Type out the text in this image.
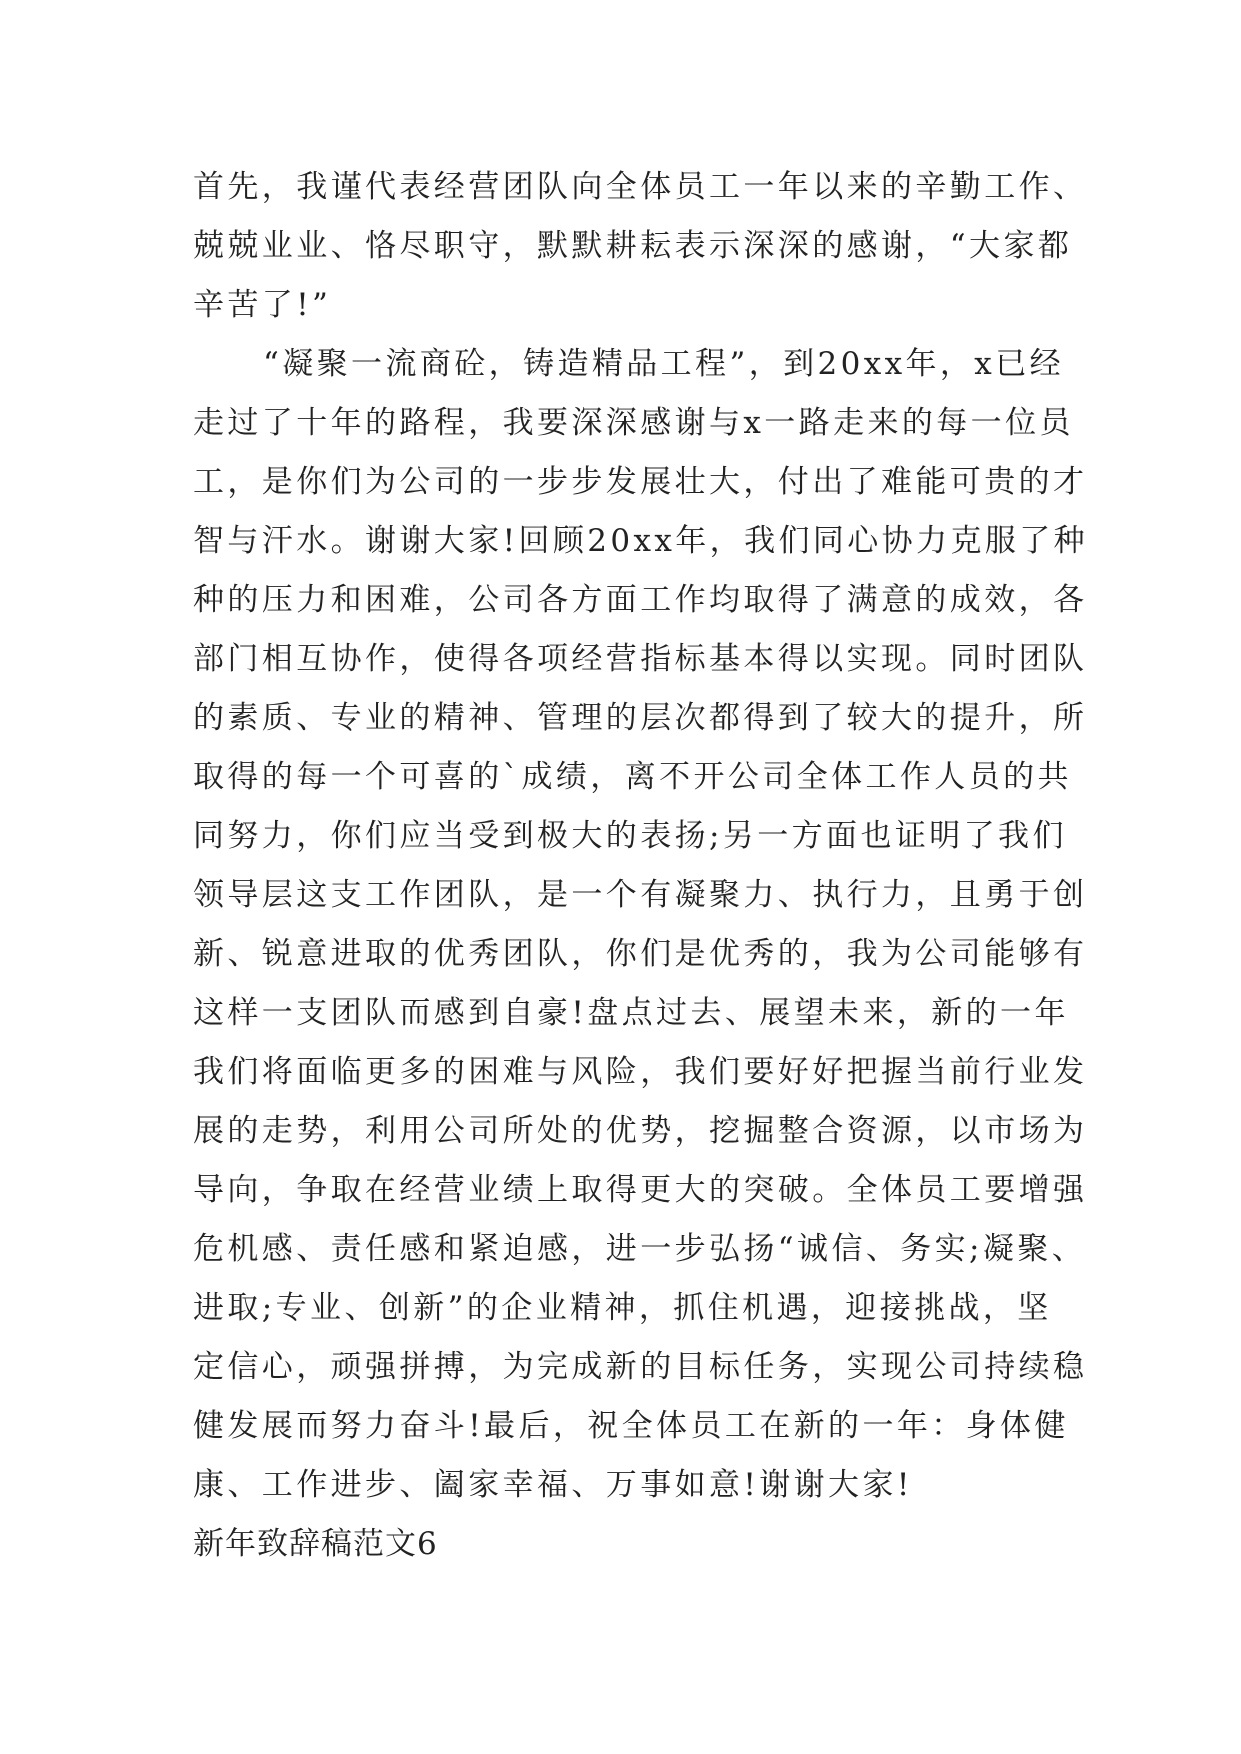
首先，我谨代表经营团队向全体员工一年以来的辛勤工作、
兢兢业业、恪尽职守，默默耕耘表示深深的感谢，“大家都
辛苦了!”
“凝聚一流商砼，铸造精品工程”，到20xx年，x已经
走过了十年的路程，我要深深感谢与x一路走来的每一位员
工，是你们为公司的一步步发展壮大，付出了难能可贵的才
智与汗水。谢谢大家!回顾20xx年，我们同心协力克服了种
种的压力和困难，公司各方面工作均取得了满意的成效，各
部门相互协作，使得各项经营指标基本得以实现。同时团队
的素质、专业的精神、管理的层次都得到了较大的提升，所
取得的每一个可喜的`成绩，离不开公司全体工作人员的共
同努力，你们应当受到极大的表扬;另一方面也证明了我们
领导层这支工作团队，是一个有凝聚力、执行力，且勇于创
新、锐意进取的优秀团队，你们是优秀的，我为公司能够有
这样一支团队而感到自豪!盘点过去、展望未来，新的一年
我们将面临更多的困难与风险，我们要好好把握当前行业发
展的走势，利用公司所处的优势，挖掘整合资源，以市场为
导向，争取在经营业绩上取得更大的突破。全体员工要增强
危机感、责任感和紧迫感，进一步弘扬“诚信、务实;凝聚、
进取;专业、创新”的企业精神，抓住机遇，迎接挑战，坚
定信心，顽强拼搏，为完成新的目标任务，实现公司持续稳
健发展而努力奋斗!最后，祝全体员工在新的一年：身体健
康、工作进步、阖家幸福、万事如意!谢谢大家!
新年致辞稿范文6
